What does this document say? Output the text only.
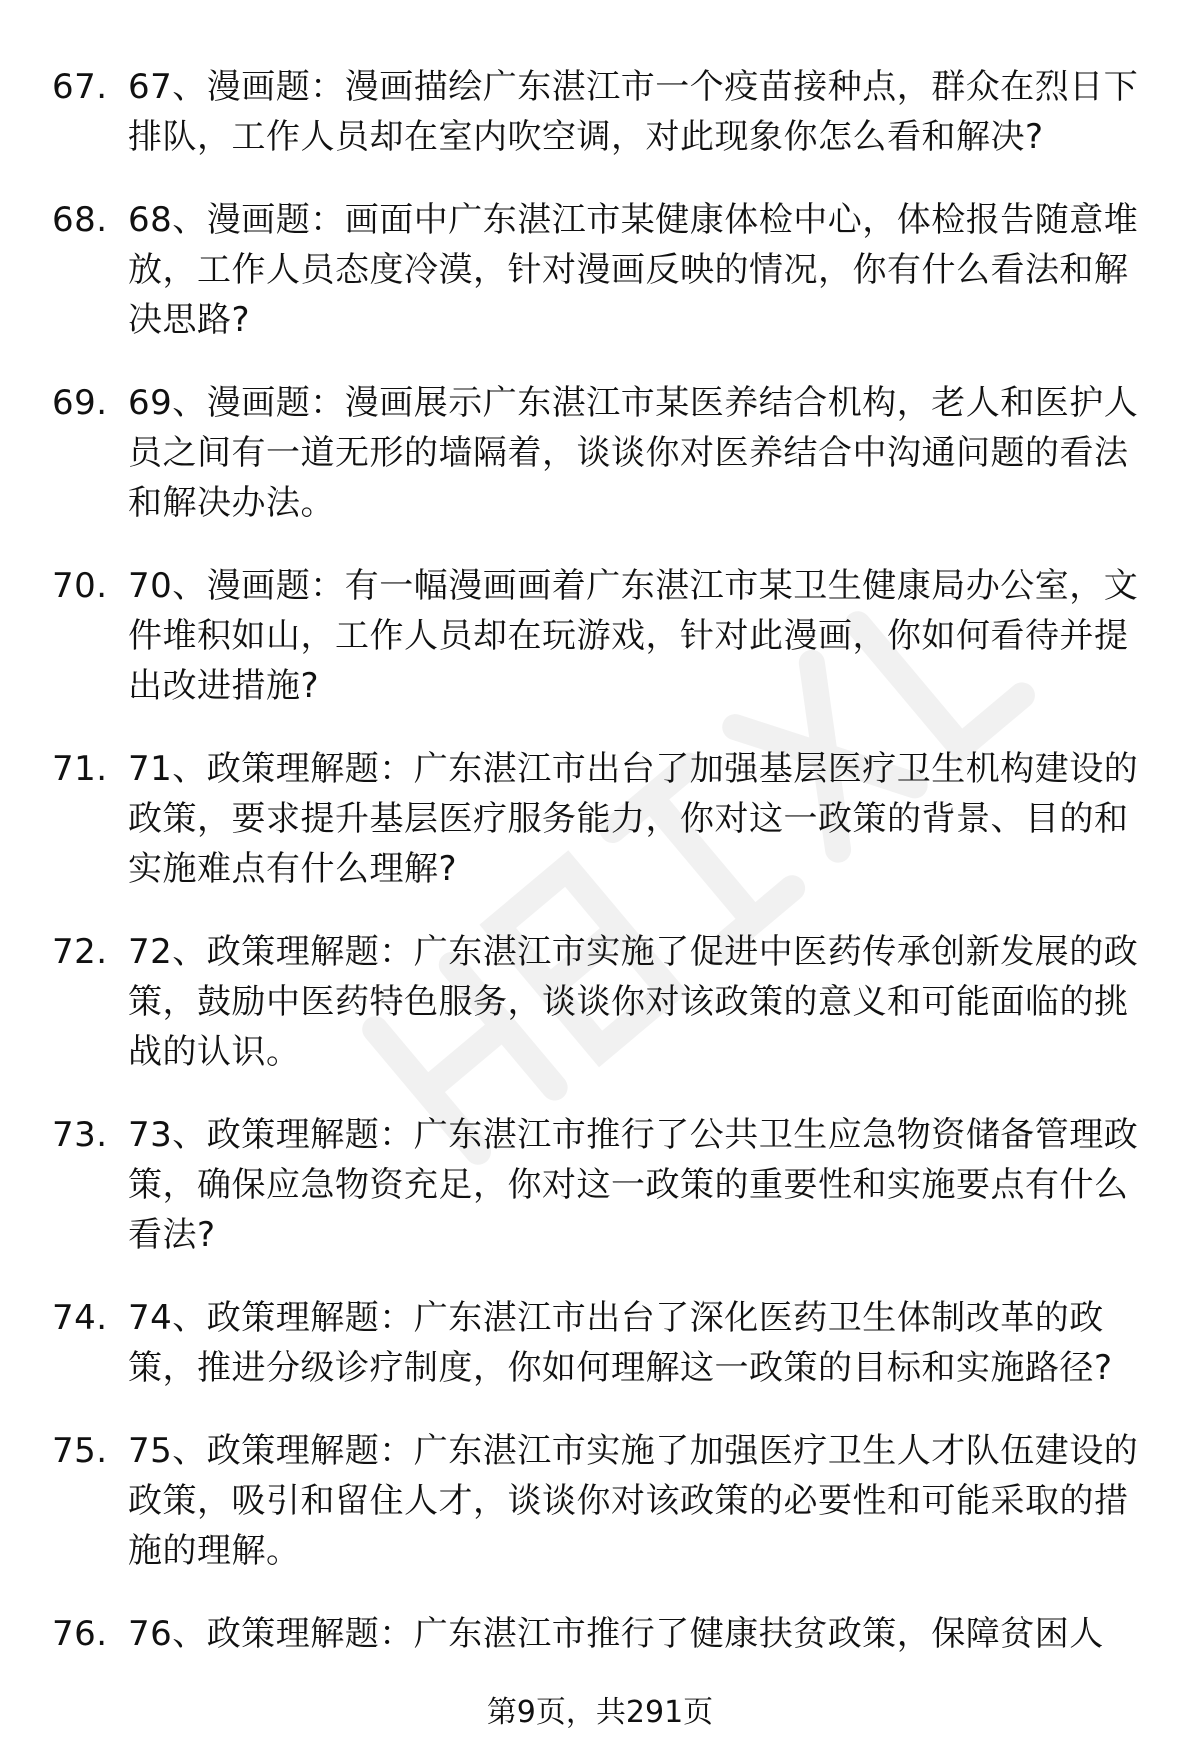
67 . 67、漫画题：漫画描绘广东湛江市一个疫苗接种点，群众在烈日下排队，工作人员却在室内吹空调，对此现象你怎么看和解决?
68 . 68、漫画题：画面中广东湛江市某健康体检中心，体检报告随意堆放，工作人员态度冷漠，针对漫画反映的情况，你有什么看法和解决思路?
69 . 69、漫画题：漫画展示广东湛江市某医养结合机构，老人和医护人员之间有一道无形的墙隔着，谈谈你对医养结合中沟通问题的看法和解决办法。
70 . 70、漫画题：有一幅漫画画着广东湛江市某卫生健康局办公室，文件堆积如山，工作人员却在玩游戏，针对此漫画，你如何看待并提出改进措施?
71 . 71、政策理解题：广东湛江市出台了加强基层医疗卫生机构建设的政策，要求提升基层医疗服务能力，你对这一政策的背景、目的和实施难点有什么理解?
72 . 72、政策理解题：广东湛江市实施了促进中医药传承创新发展的政策，鼓励中医药特色服务，谈谈你对该政策的意义和可能面临的挑战的认识。
73 . 73、政策理解题：广东湛江市推行了公共卫生应急物资储备管理政策，确保应急物资充足，你对这一政策的重要性和实施要点有什么看法?
74 . 74、政策理解题：广东湛江市出台了深化医药卫生体制改革的政策，推进分级诊疗制度，你如何理解这一政策的目标和实施路径?
75 . 75、政策理解题：广东湛江市实施了加强医疗卫生人才队伍建设的政策，吸引和留住人才，谈谈你对该政策的必要性和可能采取的措施的理解。
76 . 76、政策理解题：广东湛江市推行了健康扶贫政策，保障贫困人
第9页，共291页
